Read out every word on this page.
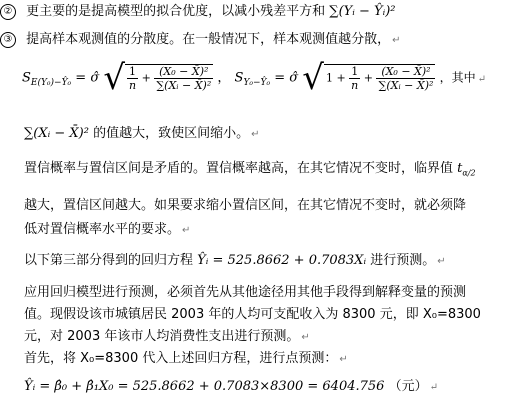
② 更主要的是提高模型的拟合优度，以减小残差平方和 ∑(Yᵢ − Ŷᵢ)²
③ 提高样本观测值的分散度。在一般情况下，样本观测值越分散， ↵
$S_{E(Y_0)-Ŷ_0}$ = σ̂ √ $\frac{1}{n} + \frac{\text{(X₀ − X̄)²}}{\text{∑(Xᵢ − X̄)²}}$ ， $S_{Y_0-Ŷ_0}$ = σ̂ √ $1 + \frac{1}{n} + \frac{\text{(X₀ − X̄)²}}{\text{∑(Xᵢ − X̄)²}}$ ，其中 ↵
∑(Xᵢ − X̄)² 的值越大，致使区间缩小。 ↵
置信概率与置信区间是矛盾的。置信概率越高，在其它情况不变时，临界值 $t_{\alpha/2}$
越大，置信区间越大。如果要求缩小置信区间，在其它情况不变时，就必须降
低对置信概率水平的要求。 ↵
以下第三部分得到的回归方程 Ŷᵢ = 525.8662 + 0.7083Xᵢ 进行预测。 ↵
应用回归模型进行预测，必须首先从其他途径用其他手段得到解释变量的预测
值。现假设该市城镇居民 2003 年的人均可支配收入为 8300 元，即 X₀=8300
元，对 2003 年该市人均消费性支出进行预测。 ↵
首先，将 X₀=8300 代入上述回归方程，进行点预测： ↵
Ŷᵢ = β̂₀ + β̂₁X₀ = 525.8662 + 0.7083×8300 = 6404.756 （元） ↵
